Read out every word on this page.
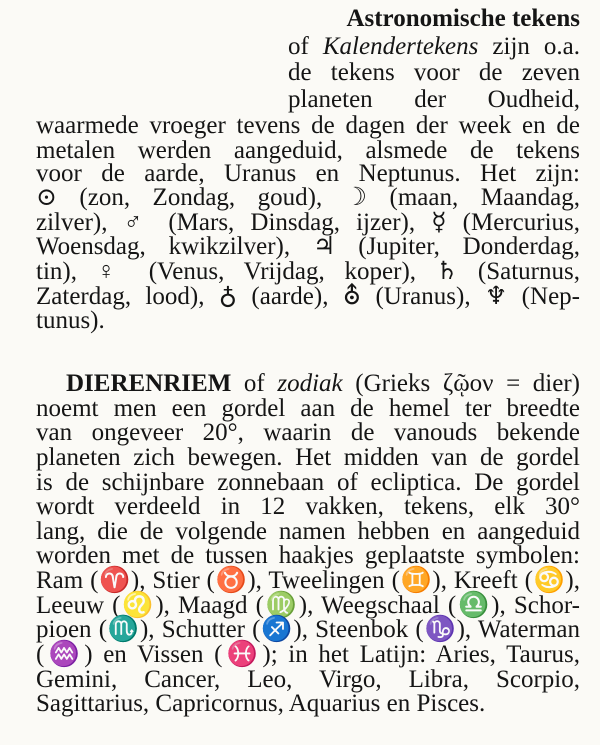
Astronomische tekens
of Kalendertekens zijn o.a.
de tekens voor de zeven
planeten der Oudheid,
waarmede vroeger tevens de dagen der week en de
metalen werden aangeduid, alsmede de tekens
voor de aarde, Uranus en Neptunus. Het zijn:
⊙ (zon, Zondag, goud), ☽ (maan, Maandag,
zilver), ♂ (Mars, Dinsdag, ijzer), ☿ (Mercurius,
Woensdag, kwikzilver), ♃ (Jupiter, Donderdag,
tin), ♀ (Venus, Vrijdag, koper), ♄ (Saturnus,
Zaterdag, lood), ♁ (aarde), ⛢ (Uranus), ♆ (Nep-
tunus).
DIERENRIEM of zodiak (Grieks ζῷον = dier)
noemt men een gordel aan de hemel ter breedte
van ongeveer 20°, waarin de vanouds bekende
planeten zich bewegen. Het midden van de gordel
is de schijnbare zonnebaan of ecliptica. De gordel
wordt verdeeld in 12 vakken, tekens, elk 30°
lang, die de volgende namen hebben en aangeduid
worden met de tussen haakjes geplaatste symbolen:
Ram (♈), Stier (♉), Tweelingen (♊), Kreeft (♋),
Leeuw (♌), Maagd (♍), Weegschaal (♎), Schor-
pioen (♏), Schutter (♐), Steenbok (♑), Waterman
(♒) en Vissen (♓); in het Latijn: Aries, Taurus,
Gemini, Cancer, Leo, Virgo, Libra, Scorpio,
Sagittarius, Capricornus, Aquarius en Pisces.
